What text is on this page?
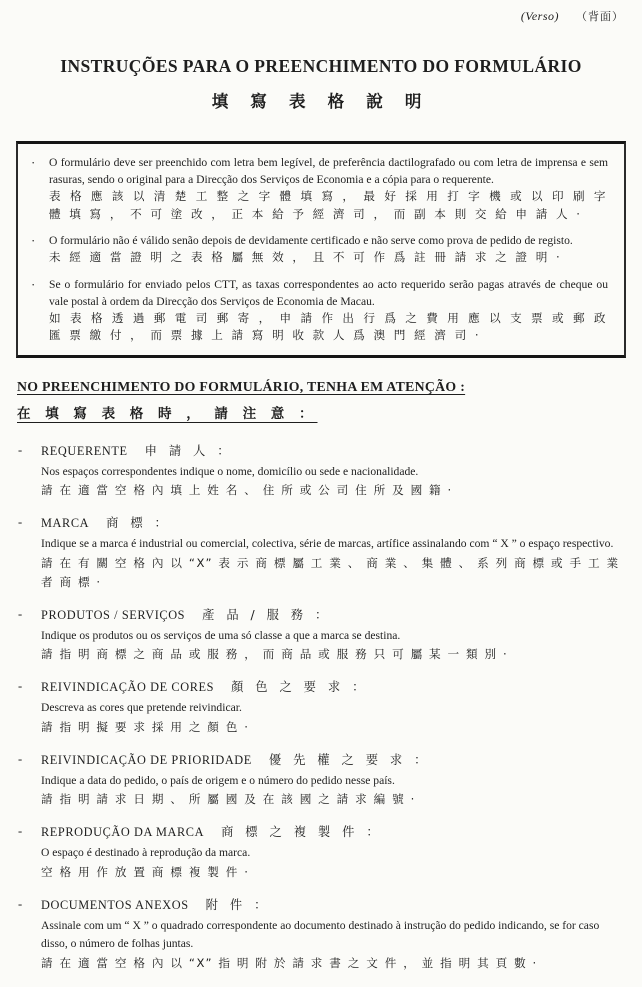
(Verso) （背面）
INSTRUÇÕES PARA O PREENCHIMENTO DO FORMULÁRIO
填 寫 表 格 說 明
·	O formulário deve ser preenchido com letra bem legível, de preferência dactilografado ou com letra de imprensa e sem rasuras, sendo o original para a Direcção dos Serviços de Economia e a cópia para o requerente.
表 格 應 該 以 清 楚 工 整 之 字 體 填 寫 ， 最 好 採 用 打 字 機 或 以 印 刷 字 體 填 寫 ， 不 可 塗 改 ， 正 本 給 予 經 濟 司 ， 而 副 本 則 交 給 申 請 人 ·
·	O formulário não é válido senão depois de devidamente certificado e não serve como prova de pedido de registo.
未 經 適 當 證 明 之 表 格 屬 無 效 ， 且 不 可 作 爲 註 冊 請 求 之 證 明 ·
·	Se o formulário for enviado pelos CTT, as taxas correspondentes ao acto requerido serão pagas através de cheque ou vale postal à ordem da Direcção dos Serviços de Economia de Macau.
如 表 格 透 過 郵 電 司 郵 寄 ， 申 請 作 出 行 爲 之 費 用 應 以 支 票 或 郵 政 匯 票 繳 付 ， 而 票 據 上 請 寫 明 收 款 人 爲 澳 門 經 濟 司 ·
NO PREENCHIMENTO DO FORMULÁRIO, TENHA EM ATENÇÃO :
在 填 寫 表 格 時 ， 請 注 意 ：
-	REQUERENTE 申 請 人 ：
Nos espaços correspondentes indique o nome, domicílio ou sede e nacionalidade.
請 在 適 當 空 格 內 填 上 姓 名 、 住 所 或 公 司 住 所 及 國 籍 ·
-	MARCA 商 標 ：
Indique se a marca é industrial ou comercial, colectiva, série de marcas, artífice assinalando com “ X ” o espaço respectivo.
請 在 有 關 空 格 內 以 “X” 表 示 商 標 屬 工 業 、 商 業 、 集 體 、 系 列 商 標 或 手 工 業 者 商 標 ·
-	PRODUTOS / SERVIÇOS 產 品 / 服 務 ：
Indique os produtos ou os serviços de uma só classe a que a marca se destina.
請 指 明 商 標 之 商 品 或 服 務 ， 而 商 品 或 服 務 只 可 屬 某 一 類 別 ·
-	REIVINDICAÇÃO DE CORES 顏 色 之 要 求 ：
Descreva as cores que pretende reivindicar.
請 指 明 擬 要 求 採 用 之 顏 色 ·
-	REIVINDICAÇÃO DE PRIORIDADE 優 先 權 之 要 求 ：
Indique a data do pedido, o país de origem e o número do pedido nesse país.
請 指 明 請 求 日 期 、 所 屬 國 及 在 該 國 之 請 求 編 號 ·
-	REPRODUÇÃO DA MARCA 商 標 之 複 製 件 ：
O espaço é destinado à reprodução da marca.
空 格 用 作 放 置 商 標 複 製 件 ·
-	DOCUMENTOS ANEXOS 附 件 ：
Assinale com um “ X ” o quadrado correspondente ao documento destinado à instrução do pedido indicando, se for caso disso, o número de folhas juntas.
請 在 適 當 空 格 內 以 “X” 指 明 附 於 請 求 書 之 文 件 ， 並 指 明 其 頁 數 ·
